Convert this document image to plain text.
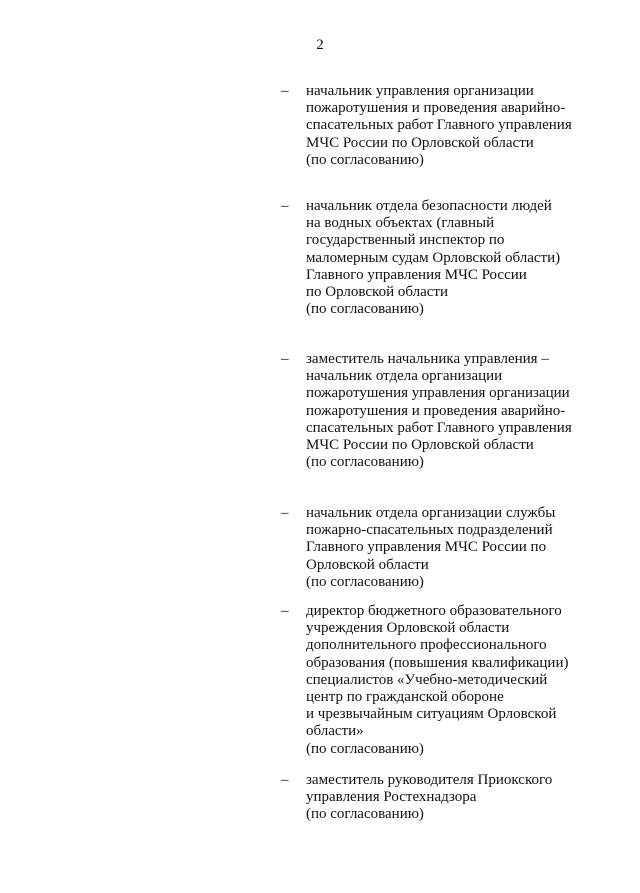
2
– начальник управления организации
пожаротушения и проведения аварийно-
спасательных работ Главного управления
МЧС России по Орловской области
(по согласованию)
– начальник отдела безопасности людей
на водных объектах (главный
государственный инспектор по
маломерным судам Орловской области)
Главного управления МЧС России
по Орловской области
(по согласованию)
– заместитель начальника управления –
начальник отдела организации
пожаротушения управления организации
пожаротушения и проведения аварийно-
спасательных работ Главного управления
МЧС России по Орловской области
(по согласованию)
– начальник отдела организации службы
пожарно-спасательных подразделений
Главного управления МЧС России по
Орловской области
(по согласованию)
– директор бюджетного образовательного
учреждения Орловской области
дополнительного профессионального
образования (повышения квалификации)
специалистов «Учебно-методический
центр по гражданской обороне
и чрезвычайным ситуациям Орловской
области»
(по согласованию)
– заместитель руководителя Приокского
управления Ростехнадзора
(по согласованию)
